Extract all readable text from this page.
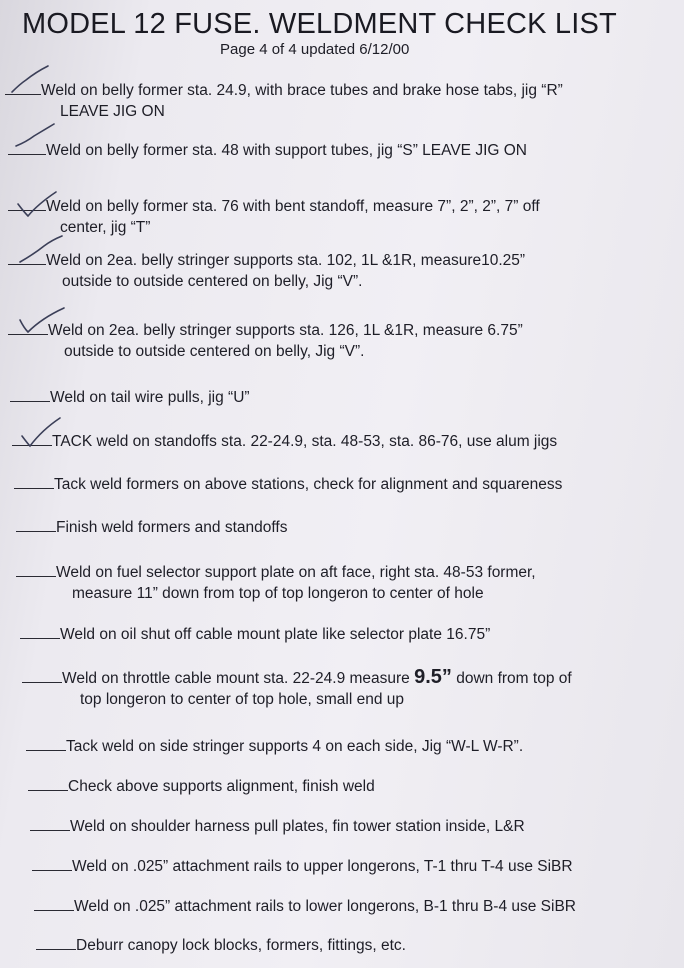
MODEL 12 FUSE. WELDMENT CHECK LIST
Page 4 of 4 updated 6/12/00
Weld on belly former sta. 24.9, with brace tubes and brake hose tabs, jig “R”
LEAVE JIG ON
Weld on belly former sta. 48 with support tubes, jig “S” LEAVE JIG ON
Weld on belly former sta. 76 with bent standoff, measure 7”, 2”, 2”, 7” off
center, jig “T”
Weld on 2ea. belly stringer supports sta. 102, 1L &1R, measure10.25”
outside to outside centered on belly, Jig “V”.
Weld on 2ea. belly stringer supports sta. 126, 1L &1R, measure 6.75”
outside to outside centered on belly, Jig “V”.
Weld on tail wire pulls, jig “U”
TACK weld on standoffs sta. 22-24.9, sta. 48-53, sta. 86-76, use alum jigs
Tack weld formers on above stations, check for alignment and squareness
Finish weld formers and standoffs
Weld on fuel selector support plate on aft face, right sta. 48-53 former,
measure 11” down from top of top longeron to center of hole
Weld on oil shut off cable mount plate like selector plate 16.75”
Weld on throttle cable mount sta. 22-24.9 measure 9.5” down from top of
top longeron to center of top hole, small end up
Tack weld on side stringer supports 4 on each side, Jig “W-L W-R”.
Check above supports alignment, finish weld
Weld on shoulder harness pull plates, fin tower station inside, L&R
Weld on .025” attachment rails to upper longerons, T-1 thru T-4 use SiBR
Weld on .025” attachment rails to lower longerons, B-1 thru B-4 use SiBR
Deburr canopy lock blocks, formers, fittings, etc.
